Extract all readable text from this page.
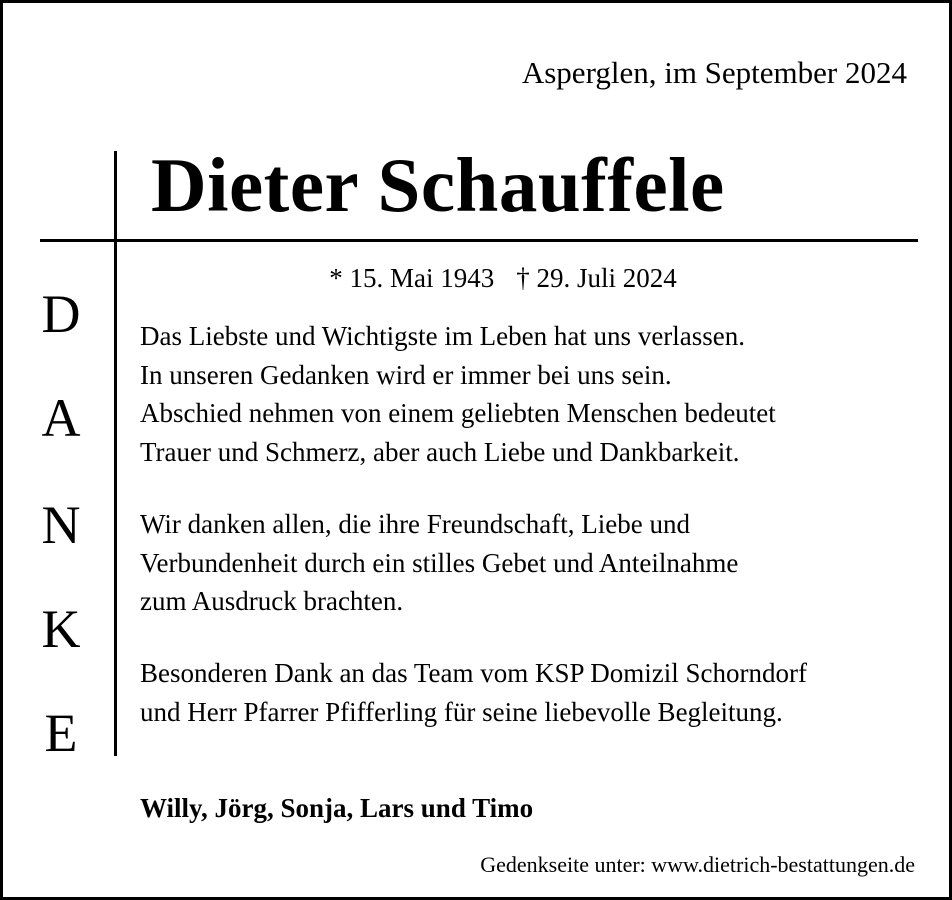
Asperglen, im September 2024
Dieter Schauffele
D
A
N
K
E
* 15. Mai 1943 † 29. Juli 2024
Das Liebste und Wichtigste im Leben hat uns verlassen.
In unseren Gedanken wird er immer bei uns sein.
Abschied nehmen von einem geliebten Menschen bedeutet
Trauer und Schmerz, aber auch Liebe und Dankbarkeit.
Wir danken allen, die ihre Freundschaft, Liebe und
Verbundenheit durch ein stilles Gebet und Anteilnahme
zum Ausdruck brachten.
Besonderen Dank an das Team vom KSP Domizil Schorndorf
und Herr Pfarrer Pfifferling für seine liebevolle Begleitung.
Willy, Jörg, Sonja, Lars und Timo
Gedenkseite unter: www.dietrich-bestattungen.de
